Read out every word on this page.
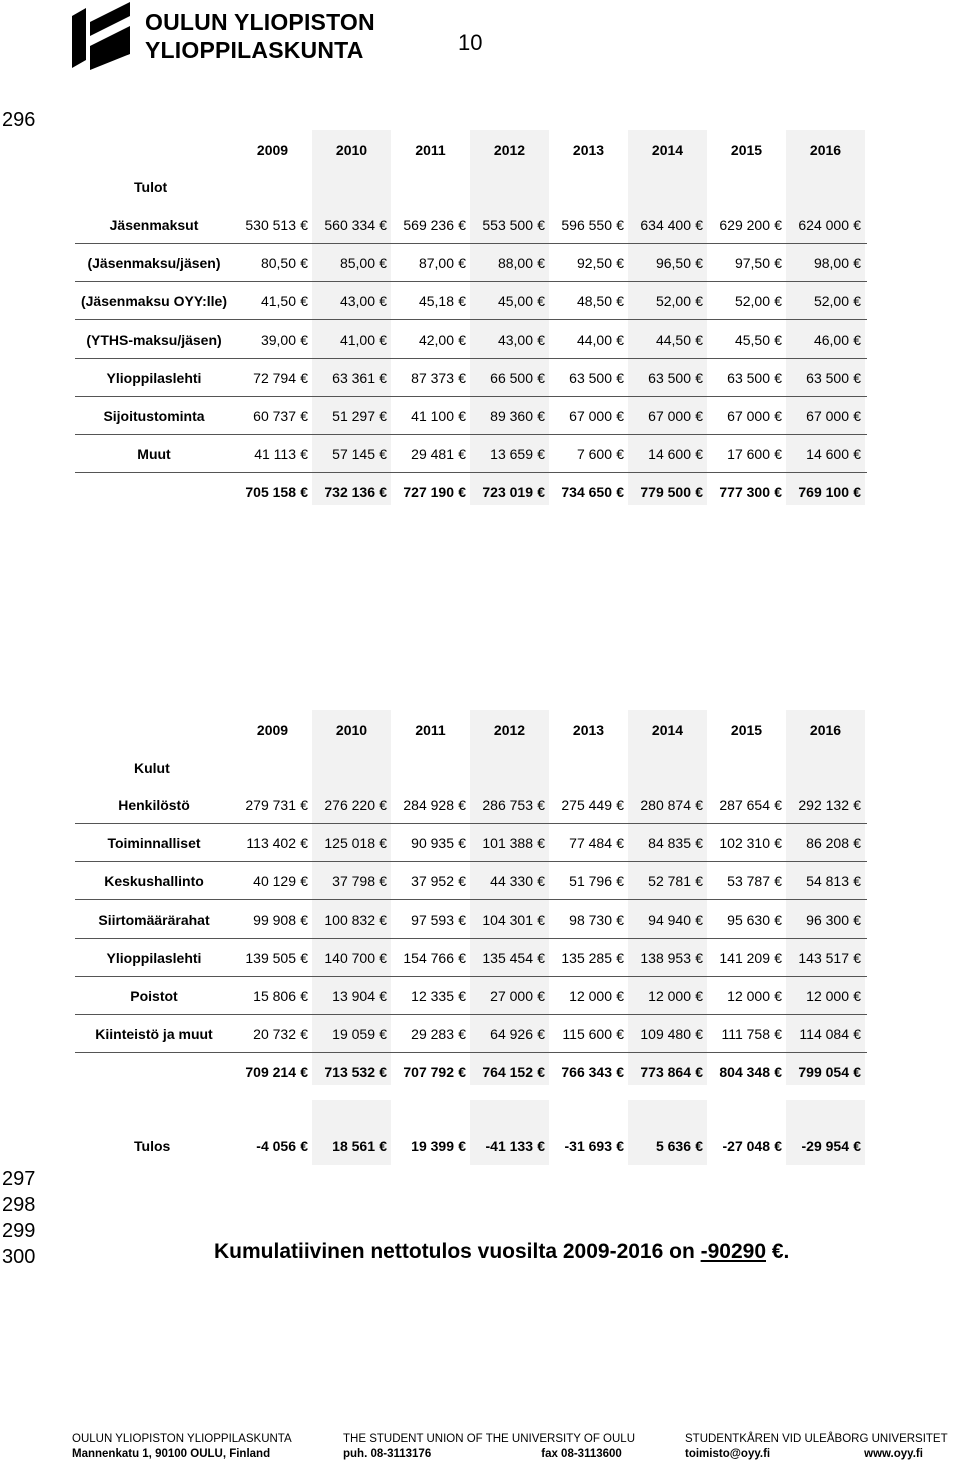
OULUN YLIOPISTON
YLIOPPILASKUNTA	10
296
297
298
299
300
2009	2010	2011	2012	2013	2014	2015	2016
Tulot
Jäsenmaksut	530 513 €	560 334 €	569 236 €	553 500 €	596 550 €	634 400 €	629 200 €	624 000 €
(Jäsenmaksu/jäsen)	80,50 €	85,00 €	87,00 €	88,00 €	92,50 €	96,50 €	97,50 €	98,00 €
(Jäsenmaksu OYY:lle)	41,50 €	43,00 €	45,18 €	45,00 €	48,50 €	52,00 €	52,00 €	52,00 €
(YTHS-maksu/jäsen)	39,00 €	41,00 €	42,00 €	43,00 €	44,00 €	44,50 €	45,50 €	46,00 €
Ylioppilaslehti	72 794 €	63 361 €	87 373 €	66 500 €	63 500 €	63 500 €	63 500 €	63 500 €
Sijoitustominta	60 737 €	51 297 €	41 100 €	89 360 €	67 000 €	67 000 €	67 000 €	67 000 €
Muut	41 113 €	57 145 €	29 481 €	13 659 €	7 600 €	14 600 €	17 600 €	14 600 €
705 158 €	732 136 €	727 190 €	723 019 €	734 650 €	779 500 €	777 300 €	769 100 €
2009	2010	2011	2012	2013	2014	2015	2016
Kulut
Henkilöstö	279 731 €	276 220 €	284 928 €	286 753 €	275 449 €	280 874 €	287 654 €	292 132 €
Toiminnalliset	113 402 €	125 018 €	90 935 €	101 388 €	77 484 €	84 835 €	102 310 €	86 208 €
Keskushallinto	40 129 €	37 798 €	37 952 €	44 330 €	51 796 €	52 781 €	53 787 €	54 813 €
Siirtomäärärahat	99 908 €	100 832 €	97 593 €	104 301 €	98 730 €	94 940 €	95 630 €	96 300 €
Ylioppilaslehti	139 505 €	140 700 €	154 766 €	135 454 €	135 285 €	138 953 €	141 209 €	143 517 €
Poistot	15 806 €	13 904 €	12 335 €	27 000 €	12 000 €	12 000 €	12 000 €	12 000 €
Kiinteistö ja muut	20 732 €	19 059 €	29 283 €	64 926 €	115 600 €	109 480 €	111 758 €	114 084 €
709 214 €	713 532 €	707 792 €	764 152 €	766 343 €	773 864 €	804 348 €	799 054 €
Tulos	-4 056 €	18 561 €	19 399 €	-41 133 €	-31 693 €	5 636 €	-27 048 €	-29 954 €
Kumulatiivinen nettotulos vuosilta 2009-2016 on -90290 €.
OULUN YLIOPISTON YLIOPPILASKUNTA
Mannenkatu 1, 90100 OULU, Finland
THE STUDENT UNION OF THE UNIVERSITY OF OULU
puh. 08-3113176	fax 08-3113600
STUDENTKÅREN VID ULEÅBORG UNIVERSITET
toimisto@oyy.fi	www.oyy.fi
